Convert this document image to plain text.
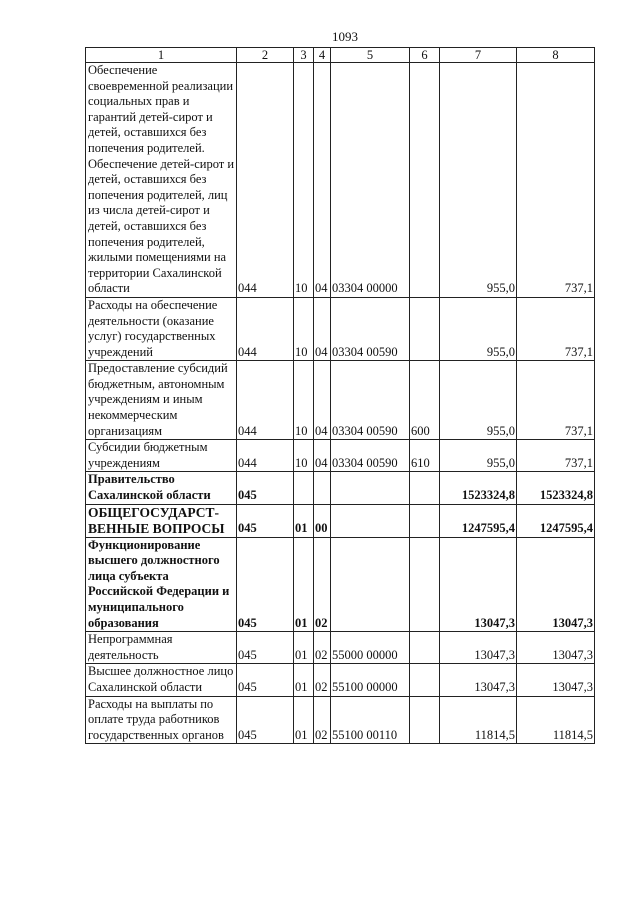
1093
1	2	3	4	5	6	7	8
Обеспечение своевременной реализации социальных прав и гарантий детей-сирот и детей, оставшихся без попечения родителей. Обеспечение детей-сирот и детей, оставшихся без попечения родителей, лиц из числа детей-сирот и детей, оставшихся без попечения родителей, жилыми помещениями на территории Сахалинской области	044	10	04	03304 00000		955,0	737,1
Расходы на обеспечение деятельности (оказание услуг) государственных учреждений	044	10	04	03304 00590		955,0	737,1
Предоставление субсидий бюджетным, автономным учреждениям и иным некоммерческим организациям	044	10	04	03304 00590	600	955,0	737,1
Субсидии бюджетным учреждениям	044	10	04	03304 00590	610	955,0	737,1
Правительство Сахалинской области	045					1523324,8	1523324,8
ОБЩЕГОСУДАРСТ-ВЕННЫЕ ВОПРОСЫ	045	01	00			1247595,4	1247595,4
Функционирование высшего должностного лица субъекта Российской Федерации и муниципального образования	045	01	02			13047,3	13047,3
Непрограммная деятельность	045	01	02	55000 00000		13047,3	13047,3
Высшее должностное лицо Сахалинской области	045	01	02	55100 00000		13047,3	13047,3
Расходы на выплаты по оплате труда работников государственных органов	045	01	02	55100 00110		11814,5	11814,5
